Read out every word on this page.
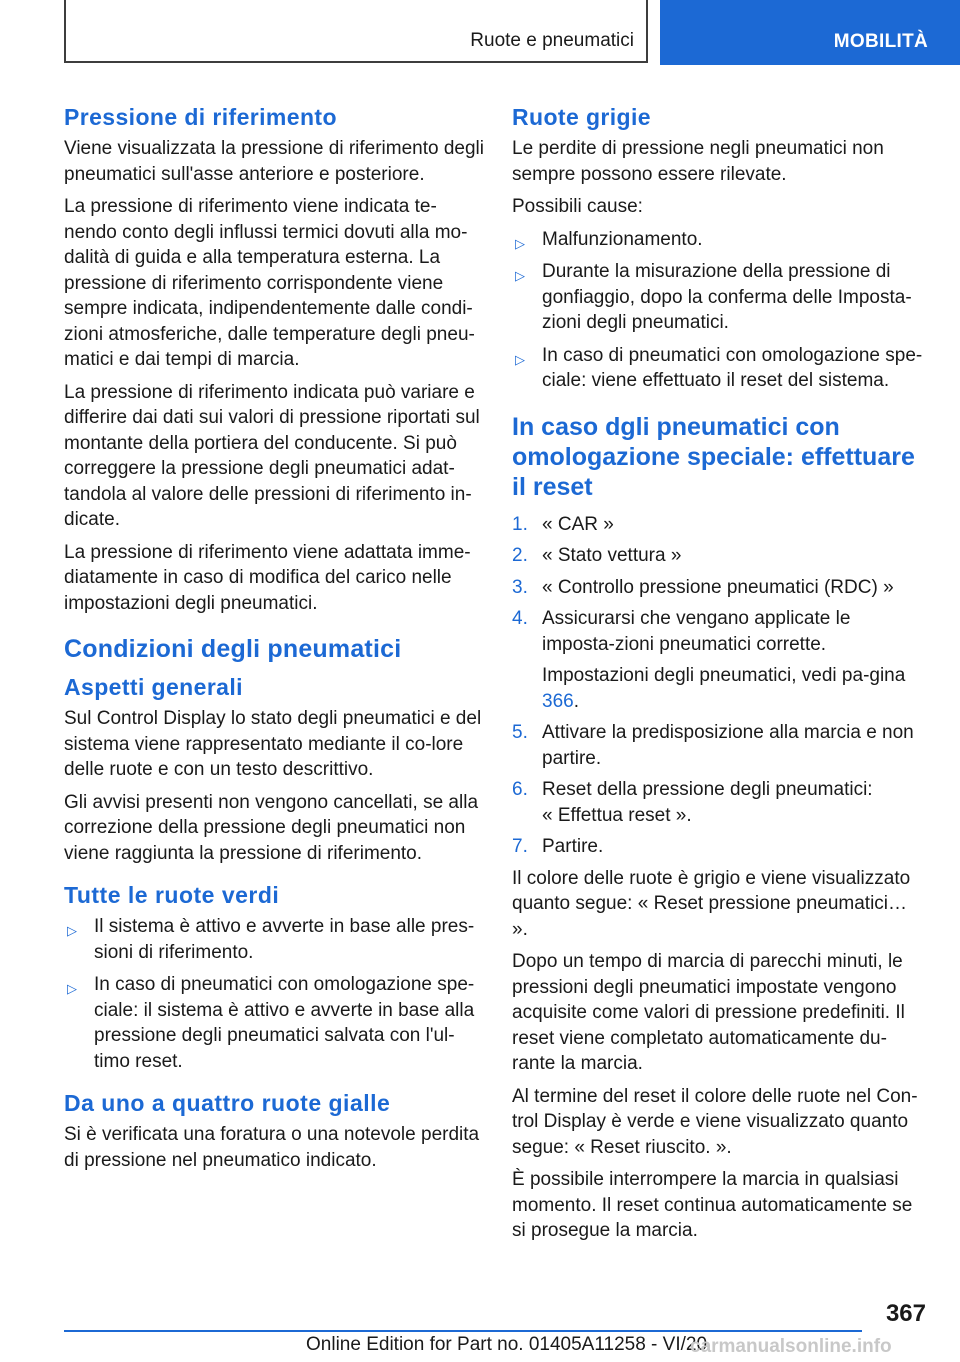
Ruote e pneumatici	MOBILITÀ
Pressione di riferimento

Viene visualizzata la pressione di riferimento degli pneumatici sull'asse anteriore e posteriore.

La pressione di riferimento viene indicata te-nendo conto degli influssi termici dovuti alla mo-dalità di guida e alla temperatura esterna. La pressione di riferimento corrispondente viene sempre indicata, indipendentemente dalle condi-zioni atmosferiche, dalle temperature degli pneu-matici e dai tempi di marcia.

La pressione di riferimento indicata può variare e differire dai dati sui valori di pressione riportati sul montante della portiera del conducente. Si può correggere la pressione degli pneumatici adat-tandola al valore delle pressioni di riferimento in-dicate.

La pressione di riferimento viene adattata imme-diatamente in caso di modifica del carico nelle impostazioni degli pneumatici.

Condizioni degli pneumatici
Aspetti generali

Sul Control Display lo stato degli pneumatici e del sistema viene rappresentato mediante il co-lore delle ruote e con un testo descrittivo.

Gli avvisi presenti non vengono cancellati, se alla correzione della pressione degli pneumatici non viene raggiunta la pressione di riferimento.

Tutte le ruote verdi
▷ Il sistema è attivo e avverte in base alle pres-sioni di riferimento.
▷ In caso di pneumatici con omologazione spe-ciale: il sistema è attivo e avverte in base alla pressione degli pneumatici salvata con l'ul-timo reset.
Da uno a quattro ruote gialle

Si è verificata una foratura o una notevole perdita di pressione nel pneumatico indicato.

Ruote grigie

Le perdite di pressione negli pneumatici non sempre possono essere rilevate.

Possibili cause:

▷ Malfunzionamento.
▷ Durante la misurazione della pressione di gonfiaggio, dopo la conferma delle Imposta-zioni degli pneumatici.
▷ In caso di pneumatici con omologazione spe-ciale: viene effettuato il reset del sistema.
In caso dgli pneumatici con omologazione speciale: effettuare il reset
1. « CAR »
2. « Stato vettura »
3. « Controllo pressione pneumatici (RDC) »
4. Assicurarsi che vengano applicate le imposta-zioni pneumatici corrette.
Impostazioni degli pneumatici, vedi pa-gina 366.
5. Attivare la predisposizione alla marcia e non partire.
6. Reset della pressione degli pneumatici:
« Effettua reset ».
7. Partire.

Il colore delle ruote è grigio e viene visualizzato quanto segue: « Reset pressione pneumatici… ».

Dopo un tempo di marcia di parecchi minuti, le pressioni degli pneumatici impostate vengono acquisite come valori di pressione predefiniti. Il reset viene completato automaticamente du-rante la marcia.

Al termine del reset il colore delle ruote nel Con-trol Display è verde e viene visualizzato quanto segue: « Reset riuscito. ».

È possibile interrompere la marcia in qualsiasi momento. Il reset continua automaticamente se si prosegue la marcia.

367
Online Edition for Part no. 01405A11258 - VI/20
carmanualsonline.info
